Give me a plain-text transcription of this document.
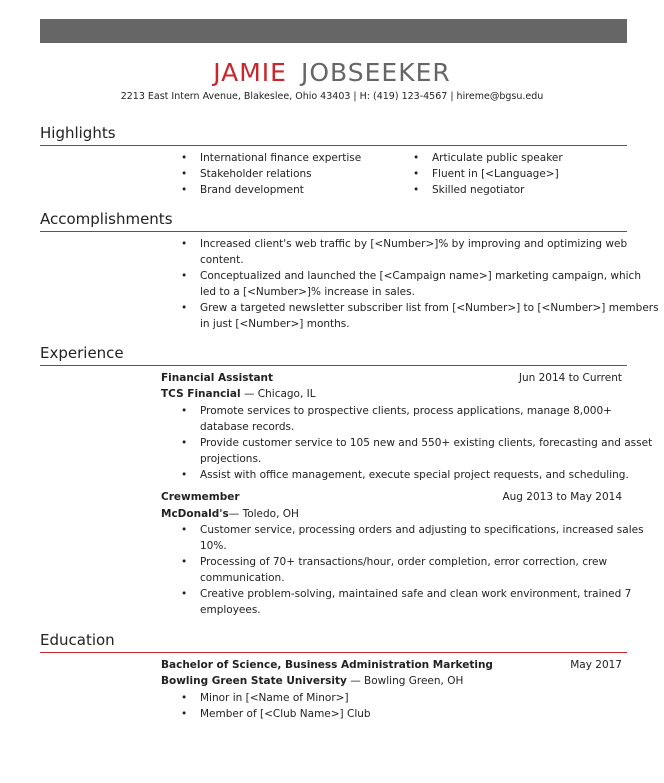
JAMIE JOBSEEKER
2213 East Intern Avenue, Blakeslee, Ohio 43403 | H: (419) 123-4567 | hireme@bgsu.edu
Highlights
• International finance expertise
• Stakeholder relations
• Brand development
• Articulate public speaker
• Fluent in [<Language>]
• Skilled negotiator
Accomplishments
• Increased client's web traffic by [<Number>]% by improving and optimizing web
content.
• Conceptualized and launched the [<Campaign name>] marketing campaign, which
led to a [<Number>]% increase in sales.
• Grew a targeted newsletter subscriber list from [<Number>] to [<Number>] members
in just [<Number>] months.
Experience
Financial Assistant	Jun 2014 to Current
TCS Financial — Chicago, IL
• Promote services to prospective clients, process applications, manage 8,000+
database records.
• Provide customer service to 105 new and 550+ existing clients, forecasting and asset
projections.
• Assist with office management, execute special project requests, and scheduling.
Crewmember	Aug 2013 to May 2014
McDonald's— Toledo, OH
• Customer service, processing orders and adjusting to specifications, increased sales
10%.
• Processing of 70+ transactions/hour, order completion, error correction, crew
communication.
• Creative problem-solving, maintained safe and clean work environment, trained 7
employees.
Education
Bachelor of Science, Business Administration Marketing	May 2017
Bowling Green State University — Bowling Green, OH
• Minor in [<Name of Minor>]
• Member of [<Club Name>] Club
